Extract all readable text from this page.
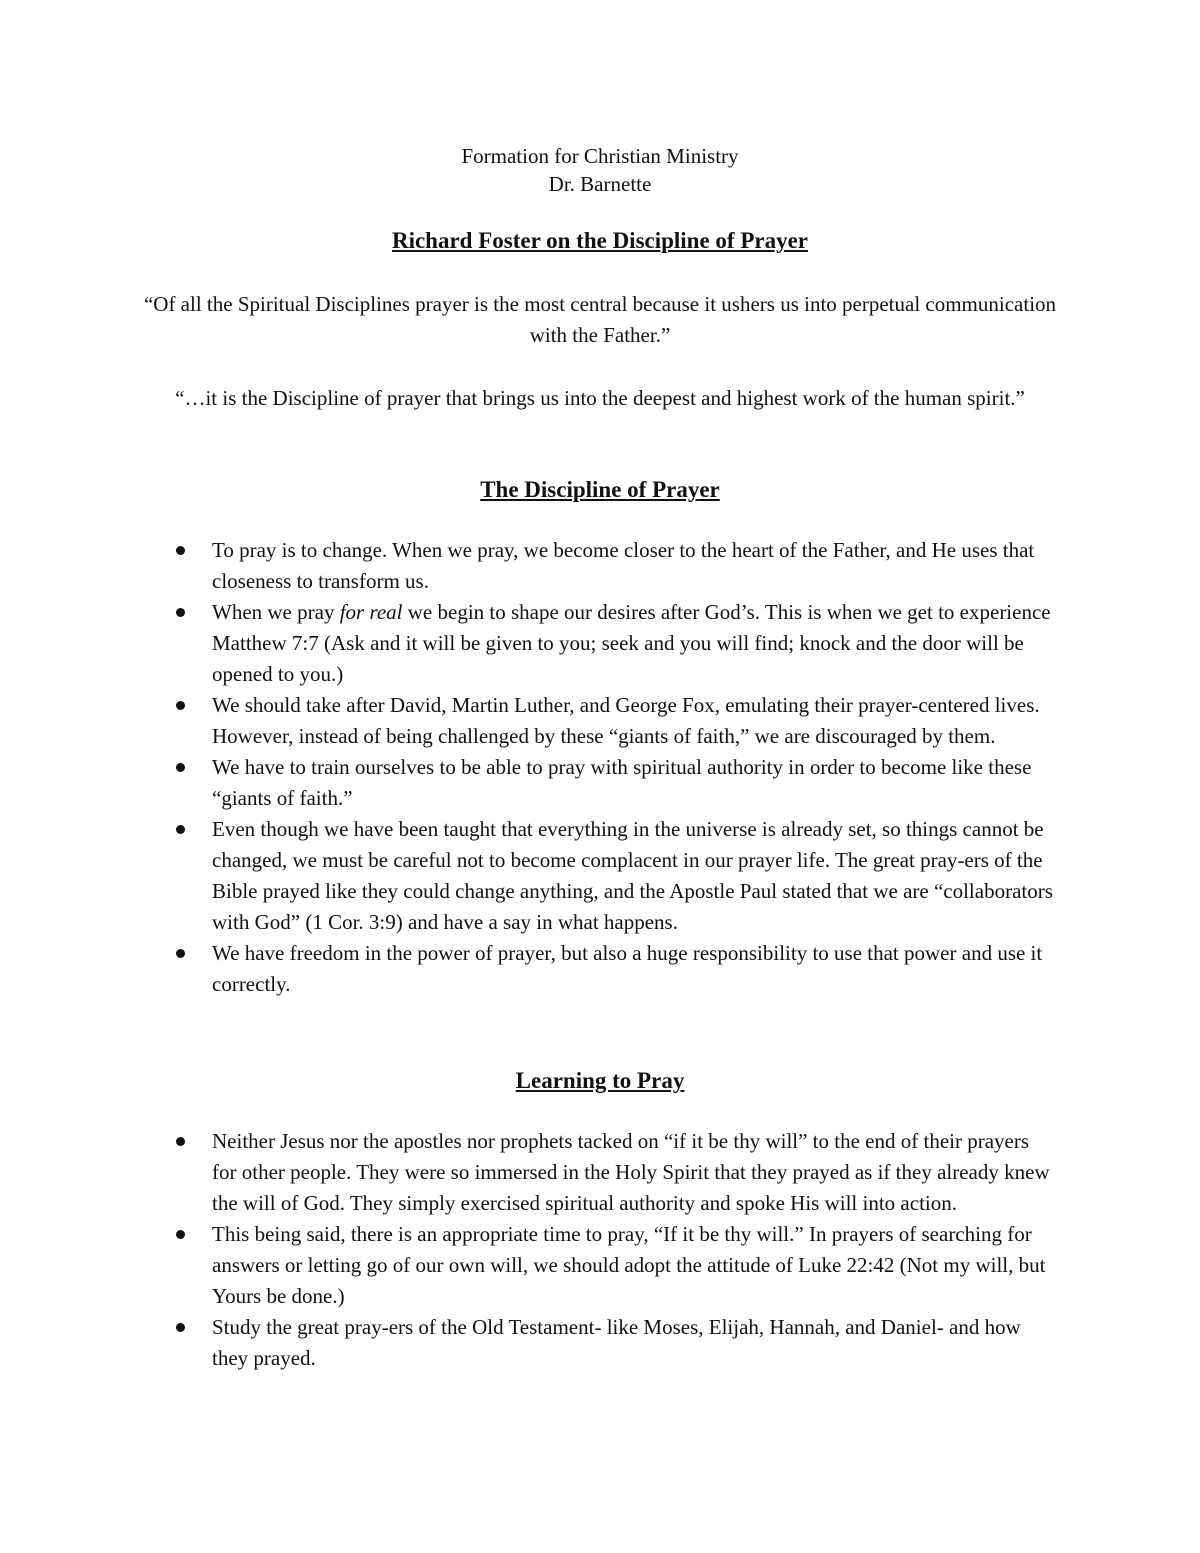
Formation for Christian Ministry
Dr. Barnette
Richard Foster on the Discipline of Prayer
“Of all the Spiritual Disciplines prayer is the most central because it ushers us into perpetual communication with the Father.”
“…it is the Discipline of prayer that brings us into the deepest and highest work of the human spirit.”
The Discipline of Prayer
To pray is to change. When we pray, we become closer to the heart of the Father, and He uses that closeness to transform us.
When we pray for real we begin to shape our desires after God’s. This is when we get to experience Matthew 7:7 (Ask and it will be given to you; seek and you will find; knock and the door will be opened to you.)
We should take after David, Martin Luther, and George Fox, emulating their prayer-centered lives. However, instead of being challenged by these “giants of faith,” we are discouraged by them.
We have to train ourselves to be able to pray with spiritual authority in order to become like these “giants of faith.”
Even though we have been taught that everything in the universe is already set, so things cannot be changed, we must be careful not to become complacent in our prayer life. The great pray-ers of the Bible prayed like they could change anything, and the Apostle Paul stated that we are “collaborators with God” (1 Cor. 3:9) and have a say in what happens.
We have freedom in the power of prayer, but also a huge responsibility to use that power and use it correctly.
Learning to Pray
Neither Jesus nor the apostles nor prophets tacked on “if it be thy will” to the end of their prayers for other people. They were so immersed in the Holy Spirit that they prayed as if they already knew the will of God. They simply exercised spiritual authority and spoke His will into action.
This being said, there is an appropriate time to pray, “If it be thy will.” In prayers of searching for answers or letting go of our own will, we should adopt the attitude of Luke 22:42 (Not my will, but Yours be done.)
Study the great pray-ers of the Old Testament- like Moses, Elijah, Hannah, and Daniel- and how they prayed.
